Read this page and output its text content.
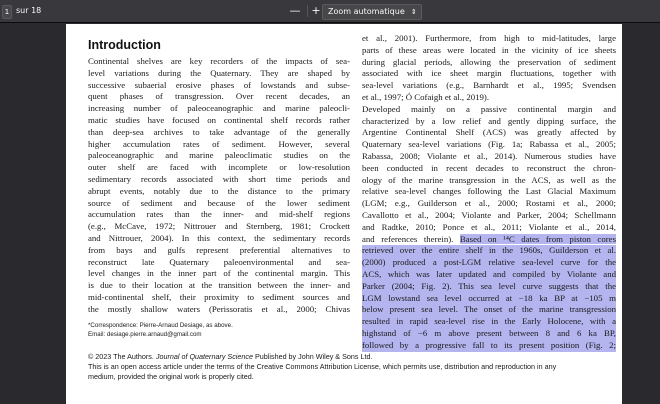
1 sur 18	— + Zoom automatique ⇕
Introduction
Continental shelves are key recorders of the impacts of sea-
level variations during the Quaternary. They are shaped by
successive subaerial erosive phases of lowstands and subse-
quent phases of transgression. Over recent decades, an
increasing number of paleoceanographic and marine paleocli-
matic studies have focused on continental shelf records rather
than deep-sea archives to take advantage of the generally
higher accumulation rates of sediment. However, several
paleoceanographic and marine paleoclimatic studies on the
outer shelf are faced with incomplete or low-resolution
sedimentary records associated with short time periods and
abrupt events, notably due to the distance to the primary
source of sediment and because of the lower sediment
accumulation rates than the inner- and mid-shelf regions
(e.g., McCave, 1972; Nittrouer and Sternberg, 1981; Crockett
and Nittrouer, 2004). In this context, the sedimentary records
from bays and gulfs represent preferential alternatives to
reconstruct late Quaternary paleoenvironmental and sea-
level changes in the inner part of the continental margin. This
is due to their location at the transition between the inner- and
mid-continental shelf, their proximity to sediment sources and
the mostly shallow waters (Perissoratis et al., 2000; Chivas
*Correspondence: Pierre-Arnaud Desiage, as above.
Email: desiage.pierre.arnaud@gmail.com
et al., 2001). Furthermore, from high to mid-latitudes, large
parts of these areas were located in the vicinity of ice sheets
during glacial periods, allowing the preservation of sediment
associated with ice sheet margin fluctuations, together with
sea-level variations (e.g., Barnhardt et al., 1995; Svendsen
et al., 1997; Ó Cofaigh et al., 2019).
Developed mainly on a passive continental margin and
characterized by a low relief and gently dipping surface, the
Argentine Continental Shelf (ACS) was greatly affected by
Quaternary sea-level variations (Fig. 1a; Rabassa et al., 2005;
Rabassa, 2008; Violante et al., 2014). Numerous studies have
been conducted in recent decades to reconstruct the chron-
ology of the marine transgression in the ACS, as well as the
relative sea-level changes following the Last Glacial Maximum
(LGM; e.g., Guilderson et al., 2000; Rostami et al., 2000;
Cavallotto et al., 2004; Violante and Parker, 2004; Schellmann
and Radtke, 2010; Ponce et al., 2011; Violante et al., 2014,
and references therein). Based on ¹⁴C dates from piston cores
retrieved over the entire shelf in the 1960s, Guilderson et al.
(2000) produced a post-LGM relative sea-level curve for the
ACS, which was later updated and compiled by Violante and
Parker (2004; Fig. 2). This sea level curve suggests that the
LGM lowstand sea level occurred at −18 ka BP at −105 m
below present sea level. The onset of the marine transgression
resulted in rapid sea-level rise in the Early Holocene, with a
highstand of −6 m above present between 8 and 6 ka BP,
followed by a progressive fall to its present position (Fig. 2;
© 2023 The Authors. Journal of Quaternary Science Published by John Wiley & Sons Ltd.
This is an open access article under the terms of the Creative Commons Attribution License, which permits use, distribution and reproduction in any
medium, provided the original work is properly cited.
